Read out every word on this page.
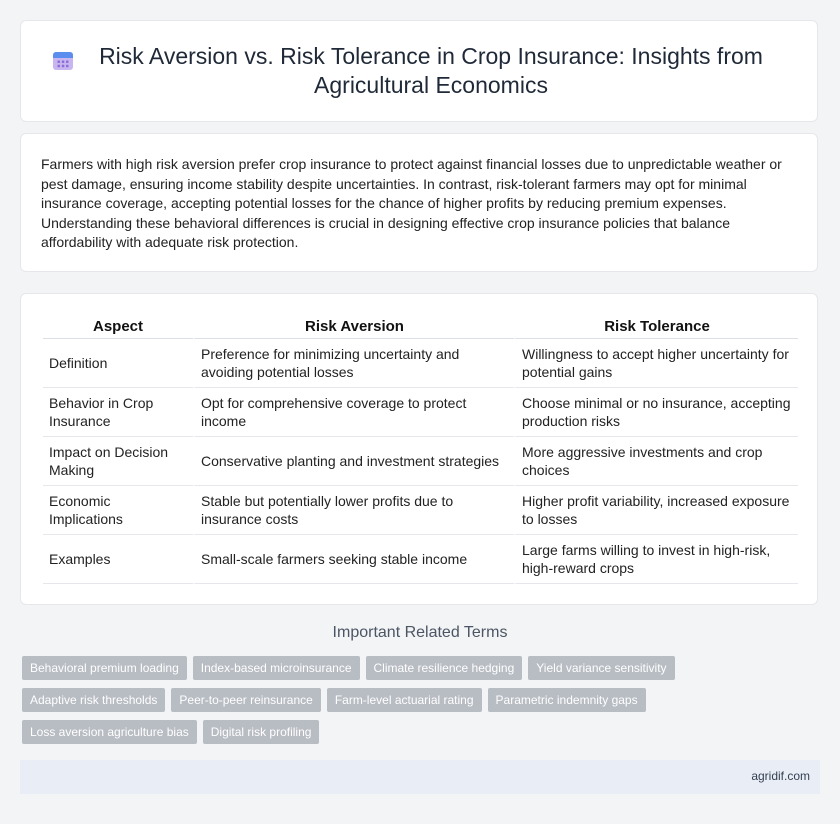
Risk Aversion vs. Risk Tolerance in Crop Insurance: Insights from Agricultural Economics

Farmers with high risk aversion prefer crop insurance to protect against financial losses due to unpredictable weather or pest damage, ensuring income stability despite uncertainties. In contrast, risk-tolerant farmers may opt for minimal insurance coverage, accepting potential losses for the chance of higher profits by reducing premium expenses. Understanding these behavioral differences is crucial in designing effective crop insurance policies that balance affordability with adequate risk protection.

Aspect	Risk Aversion	Risk Tolerance
Definition	Preference for minimizing uncertainty and avoiding potential losses	Willingness to accept higher uncertainty for potential gains
Behavior in Crop Insurance	Opt for comprehensive coverage to protect income	Choose minimal or no insurance, accepting production risks
Impact on Decision Making	Conservative planting and investment strategies	More aggressive investments and crop choices
Economic Implications	Stable but potentially lower profits due to insurance costs	Higher profit variability, increased exposure to losses
Examples	Small-scale farmers seeking stable income	Large farms willing to invest in high-risk, high-reward crops
Important Related Terms
Behavioral premium loading	Index-based microinsurance	Climate resilience hedging	Yield variance sensitivity
Adaptive risk thresholds	Peer-to-peer reinsurance	Farm-level actuarial rating	Parametric indemnity gaps
Loss aversion agriculture bias	Digital risk profiling
agridif.com
